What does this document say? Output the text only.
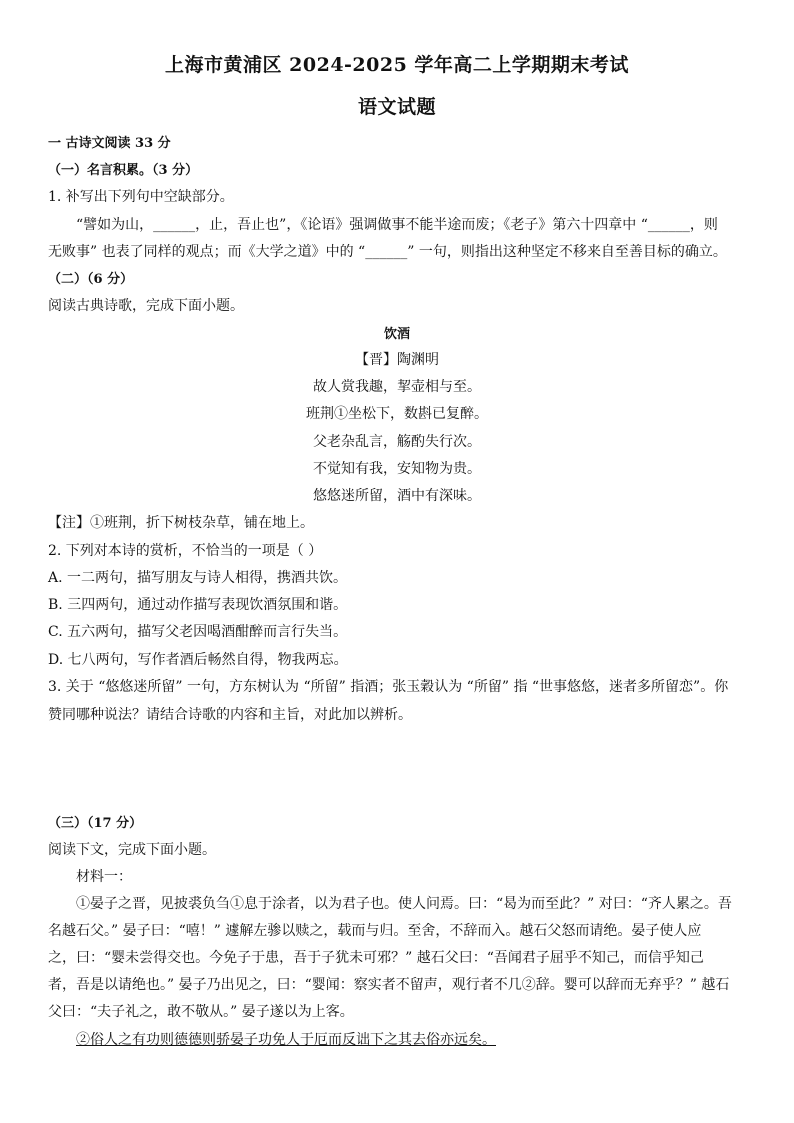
上海市黄浦区 2024-2025 学年高二上学期期末考试
语文试题
一 古诗文阅读 33 分
（一）名言积累。（3 分）
1. 补写出下列句中空缺部分。
“譬如为山，______，止，吾止也”，《论语》强调做事不能半途而废；《老子》第六十四章中 “______，则
无败事” 也表了同样的观点；而《大学之道》中的 “______” 一句，则指出这种坚定不移来自至善目标的确立。
（二）（6 分）
阅读古典诗歌，完成下面小题。
饮酒
【晋】陶渊明
故人赏我趣，挈壶相与至。
班荆①坐松下，数斟已复醉。
父老杂乱言，觞酌失行次。
不觉知有我，安知物为贵。
悠悠迷所留，酒中有深味。
【注】①班荆，折下树枝杂草，铺在地上。
2. 下列对本诗的赏析，不恰当的一项是（ ）
A. 一二两句，描写朋友与诗人相得，携酒共饮。
B. 三四两句，通过动作描写表现饮酒氛围和谐。
C. 五六两句，描写父老因喝酒酣醉而言行失当。
D. 七八两句，写作者酒后畅然自得，物我两忘。
3. 关于 “悠悠迷所留” 一句，方东树认为 “所留” 指酒；张玉穀认为 “所留” 指 “世事悠悠，迷者多所留恋”。你
赞同哪种说法？请结合诗歌的内容和主旨，对此加以辨析。
（三）（17 分）
阅读下文，完成下面小题。
材料一：
①晏子之晋，见披裘负刍①息于涂者，以为君子也。使人问焉。曰：“曷为而至此？” 对曰：“齐人累之。吾
名越石父。” 晏子曰：“嘻！” 遽解左骖以赎之，载而与归。至舍，不辞而入。越石父怒而请绝。晏子使人应
之，曰：“婴未尝得交也。今免子于患，吾于子犹未可邪？” 越石父曰：“吾闻君子屈乎不知己，而信乎知己
者，吾是以请绝也。” 晏子乃出见之，曰：“婴闻：察实者不留声，观行者不几②辞。婴可以辞而无弃乎？” 越石
父曰：“夫子礼之，敢不敬从。” 晏子遂以为上客。
②俗人之有功则德德则骄晏子功免人于厄而反诎下之其去俗亦远矣。
